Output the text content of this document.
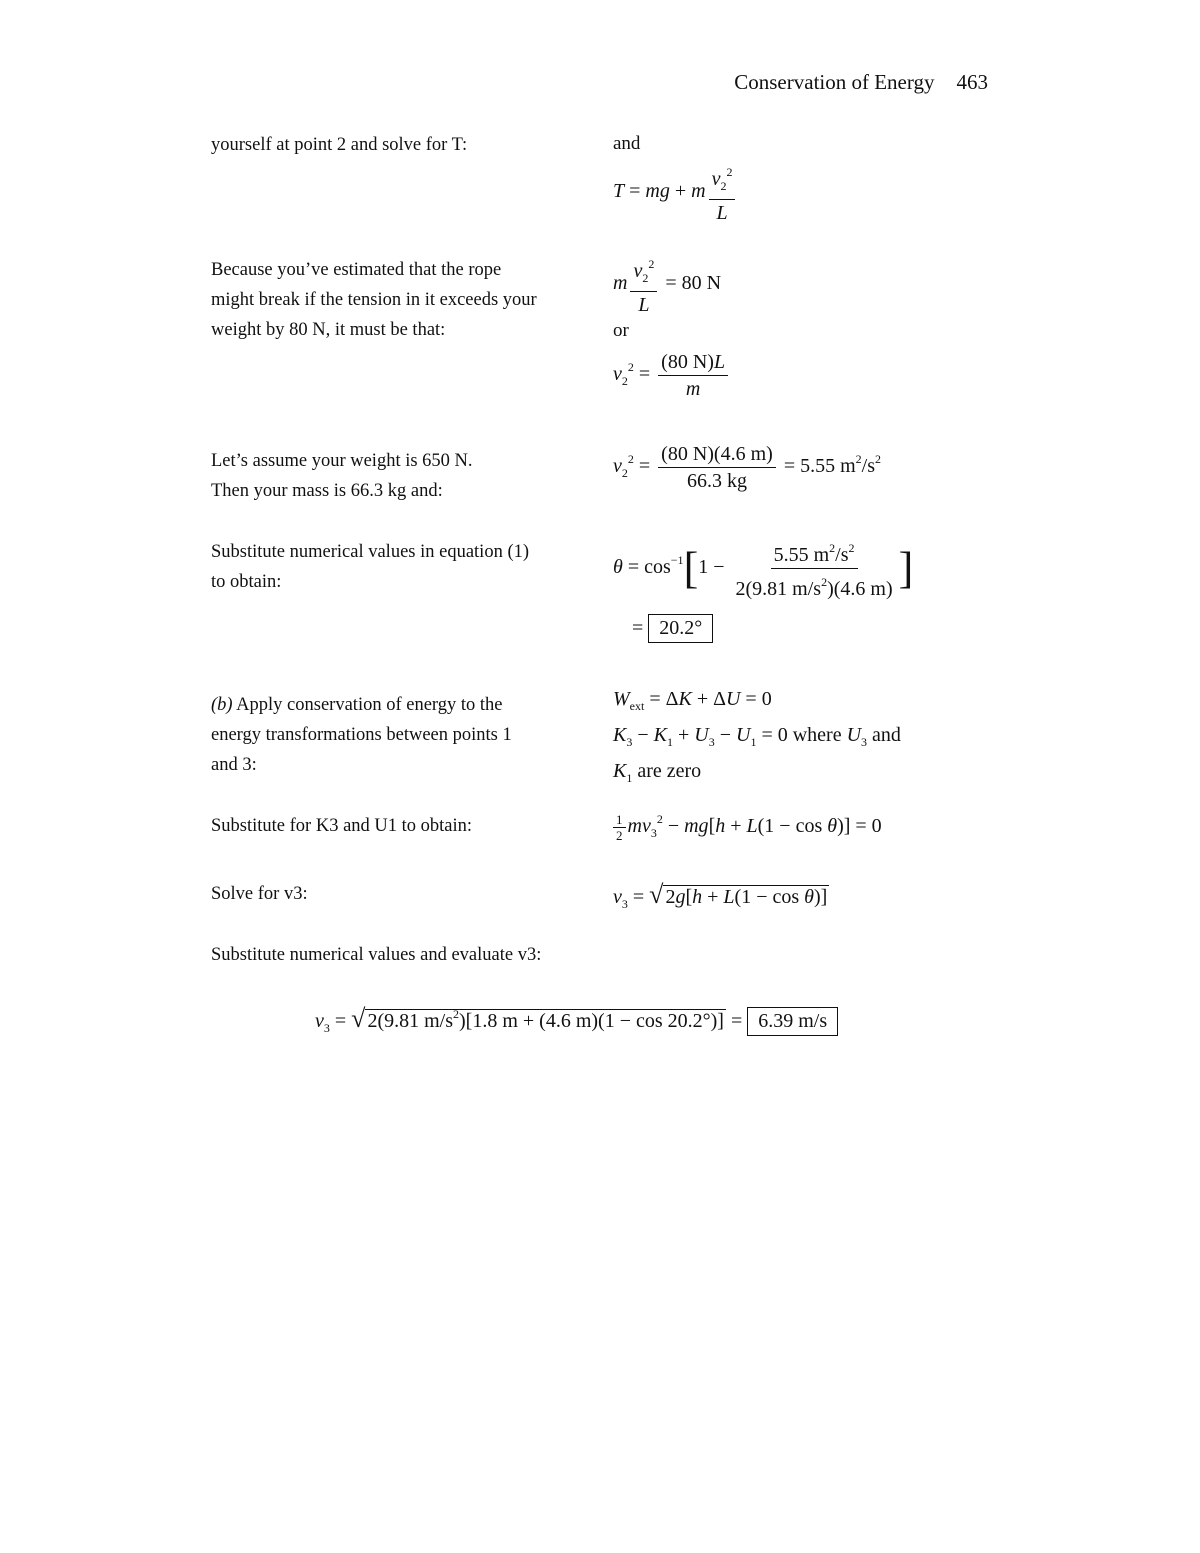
Conservation of Energy 463
yourself at point 2 and solve for T:	and
T = mg + m $\frac{v_2^2}{L}$
Because you’ve estimated that the rope might break if the tension in it exceeds your weight by 80 N, it must be that:
m $\frac{v_2^2}{L} = 80$ N
or
$v_2^2 = \frac{(80 N)L}{m}$
Let’s assume your weight is 650 N.
Then your mass is 66.3 kg and:
$v_2^2 = \frac{(80 N)(4.6 m)}{66.3 kg} = 5.55$ $m^2/s^2$
Substitute numerical values in equation (1) to obtain:
$\theta = \cos^{-1}[1 - \frac{5.55 m^2/s^2}{2(9.81 m/s^2)(4.6 m)}$ ]
= 20.2°
(b) Apply conservation of energy to the energy transformations between points 1 and 3:
$W_{ext} = \Delta K + \Delta U = 0$
$K_3 - K_1 + U_3 - U_1 = 0$ where $U_3$ and
$K_1$ are zero
Substitute for K3 and U1 to obtain:	$\frac{1}{2} mv_3^2 - mg[h + L(1 - \cos \theta)] = 0$
Solve for v3:	$v_3$ = √ 2g[h + L(1 − cos θ)]
Substitute numerical values and evaluate v3:
$v_3$ = √ 2(9.81 $m/s^2)[1.8$ m + (4.6 m)(1 − cos 20.2°)] = 6.39 m/s
